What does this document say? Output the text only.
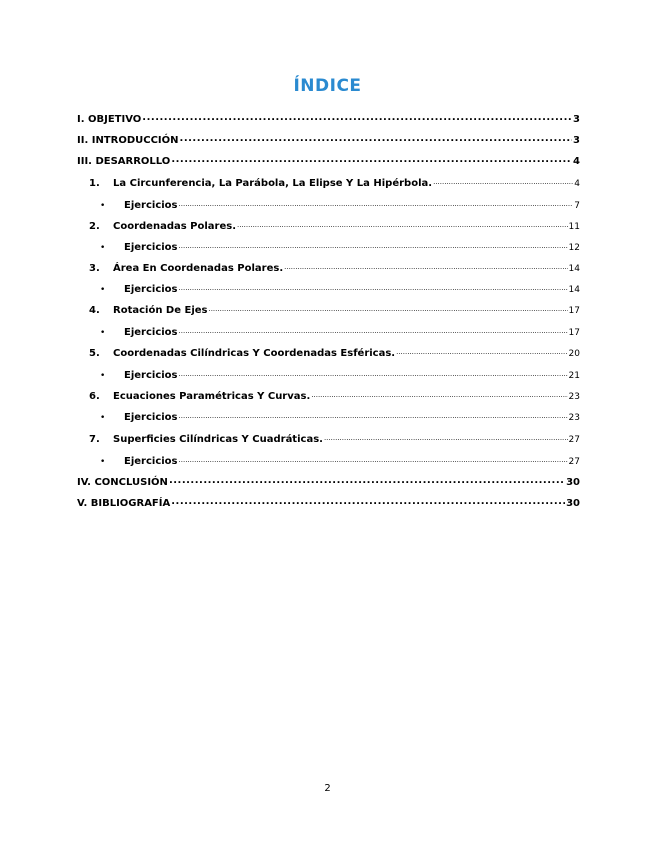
ÍNDICE
I. OBJETIVO .....	3
II. INTRODUCCIÓN .....	3
III. DESARROLLO .....	4
1.	La Circunferencia, La Parábola, La Elipse Y La Hipérbola. .....	4
•	Ejercicios .....	7
2.	Coordenadas Polares. .....	11
•	Ejercicios .....	12
3.	Área En Coordenadas Polares. .....	14
•	Ejercicios .....	14
4.	Rotación De Ejes .....	17
•	Ejercicios .....	17
5.	Coordenadas Cilíndricas Y Coordenadas Esféricas. .....	20
•	Ejercicios .....	21
6.	Ecuaciones Paramétricas Y Curvas. .....	23
•	Ejercicios .....	23
7.	Superficies Cilíndricas Y Cuadráticas. .....	27
•	Ejercicios .....	27
IV. CONCLUSIÓN .....	30
V. BIBLIOGRAFÍA .....	30
2
